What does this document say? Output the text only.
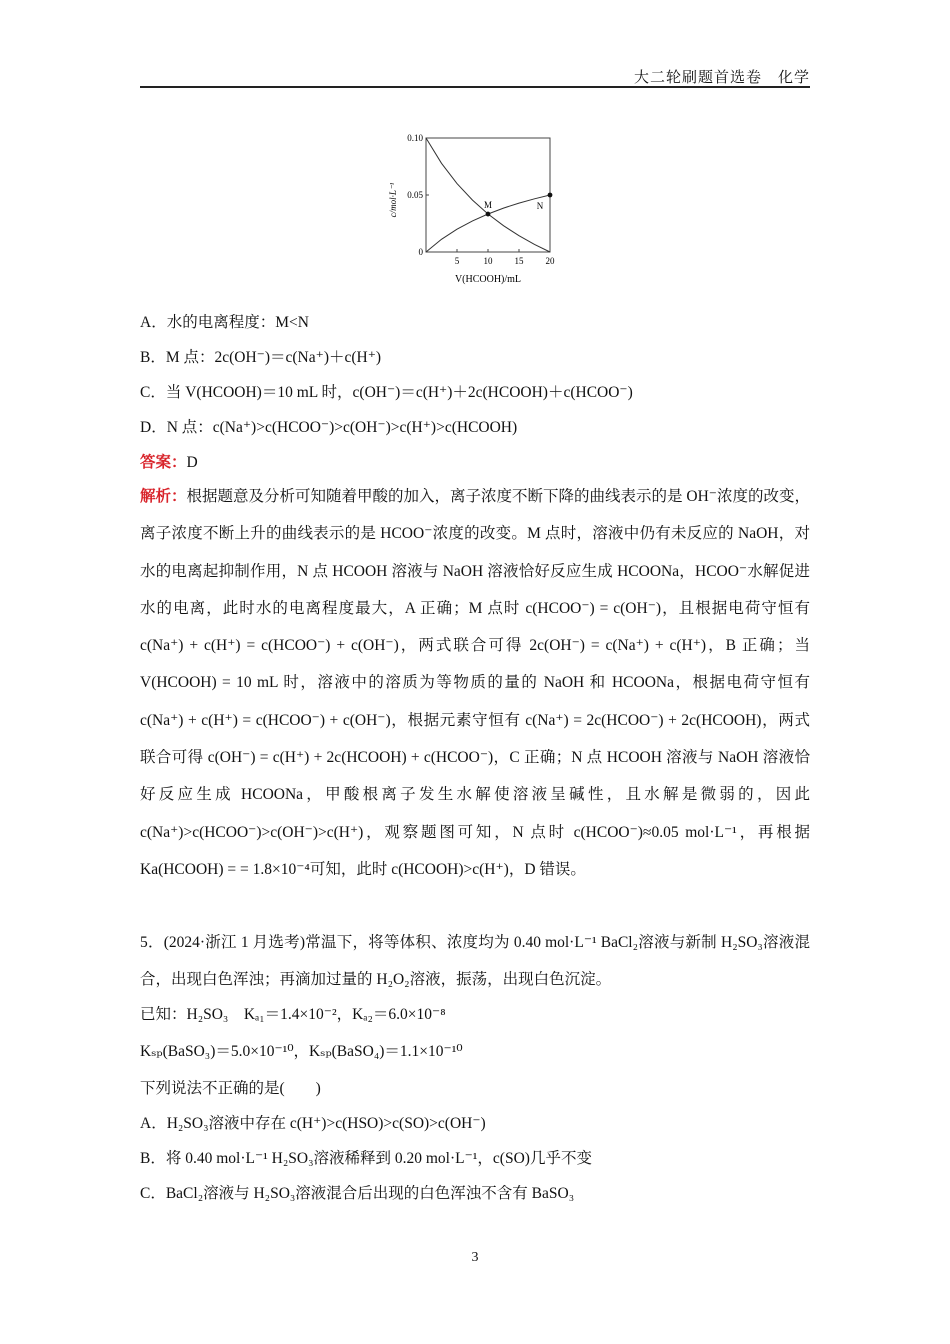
大二轮刷题首选卷　化学
5	10 15 20
0
0.05
0.10
M	N
c/mol·L⁻¹
V(HCOOH)/mL
A．水的电离程度：M<N
B．M 点：2c(OH⁻)＝c(Na⁺)＋c(H⁺)
C．当 V(HCOOH)＝10 mL 时，c(OH⁻)＝c(H⁺)＋2c(HCOOH)＋c(HCOO⁻)
D．N 点：c(Na⁺)>c(HCOO⁻)>c(OH⁻)>c(H⁺)>c(HCOOH)
答案：D
解析：根据题意及分析可知随着甲酸的加入，离子浓度不断下降的曲线表示的是 OH⁻浓度的改变，离子浓度不断上升的曲线表示的是 HCOO⁻浓度的改变。M 点时，溶液中仍有未反应的 NaOH，对水的电离起抑制作用，N 点 HCOOH 溶液与 NaOH 溶液恰好反应生成 HCOONa，HCOO⁻水解促进水的电离，此时水的电离程度最大，A 正确；M 点时 c(HCOO⁻) = c(OH⁻)，且根据电荷守恒有 c(Na⁺) + c(H⁺) = c(HCOO⁻) + c(OH⁻)，两式联合可得 2c(OH⁻) = c(Na⁺) + c(H⁺)，B 正确；当 V(HCOOH) = 10 mL 时，溶液中的溶质为等物质的量的 NaOH 和 HCOONa，根据电荷守恒有 c(Na⁺) + c(H⁺) = c(HCOO⁻) + c(OH⁻)，根据元素守恒有 c(Na⁺) = 2c(HCOO⁻) + 2c(HCOOH)，两式联合可得 c(OH⁻) = c(H⁺) + 2c(HCOOH) + c(HCOO⁻)，C 正确；N 点 HCOOH 溶液与 NaOH 溶液恰好反应生成 HCOONa，甲酸根离子发生水解使溶液呈碱性，且水解是微弱的，因此 c(Na⁺)>c(HCOO⁻)>c(OH⁻)>c(H⁺)，观察题图可知，N 点时 c(HCOO⁻)≈0.05 mol·L⁻¹，再根据 Ka(HCOOH) = = 1.8×10⁻⁴可知，此时 c(HCOOH)>c(H⁺)，D 错误。
5．(2024·浙江 1 月选考)常温下，将等体积、浓度均为 0.40 mol·L⁻¹ BaCl₂溶液与新制 H₂SO₃溶液混合，出现白色浑浊；再滴加过量的 H₂O₂溶液，振荡，出现白色沉淀。
已知：H₂SO₃　Kₐ₁＝1.4×10⁻²，Kₐ₂＝6.0×10⁻⁸
Kₛₚ(BaSO₃)＝5.0×10⁻¹⁰，Kₛₚ(BaSO₄)＝1.1×10⁻¹⁰
下列说法不正确的是(　　)
A．H₂SO₃溶液中存在 c(H⁺)>c(HSO)>c(SO)>c(OH⁻)
B．将 0.40 mol·L⁻¹ H₂SO₃溶液稀释到 0.20 mol·L⁻¹，c(SO)几乎不变
C．BaCl₂溶液与 H₂SO₃溶液混合后出现的白色浑浊不含有 BaSO₃
3
